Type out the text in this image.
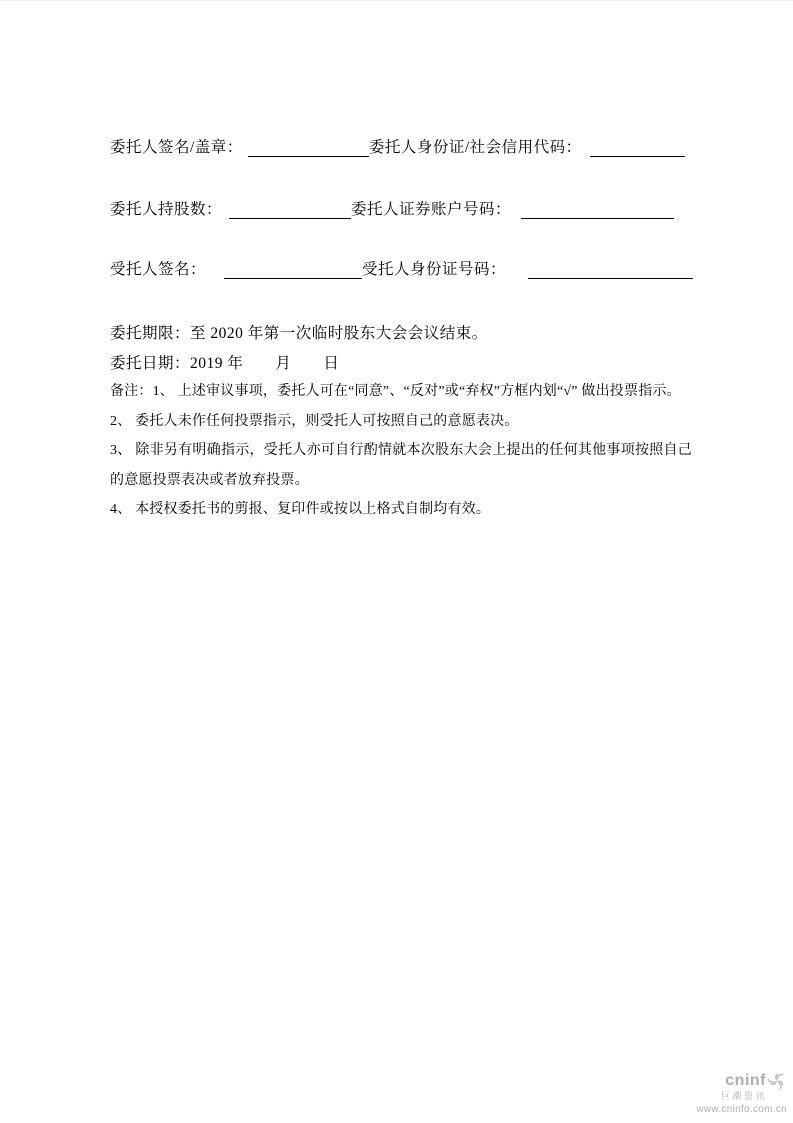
委托人签名/盖章：	委托人身份证/社会信用代码：
委托人持股数：	委托人证券账户号码：
受托人签名：	受托人身份证号码：
委托期限：至 2020 年第一次临时股东大会会议结束。
委托日期：2019 年　　月　　日

备注：1、 上述审议事项，委托人可在“同意”、“反对”或“弃权”方框内划“√” 做出投票指示。

2、 委托人未作任何投票指示，则受托人可按照自己的意愿表决。

3、 除非另有明确指示，受托人亦可自行酌情就本次股东大会上提出的任何其他事项按照自己的意愿投票表决或者放弃投票。

4、 本授权委托书的剪报、复印件或按以上格式自制均有效。

cninf
巨潮资讯
www.cninfo.com.cn
